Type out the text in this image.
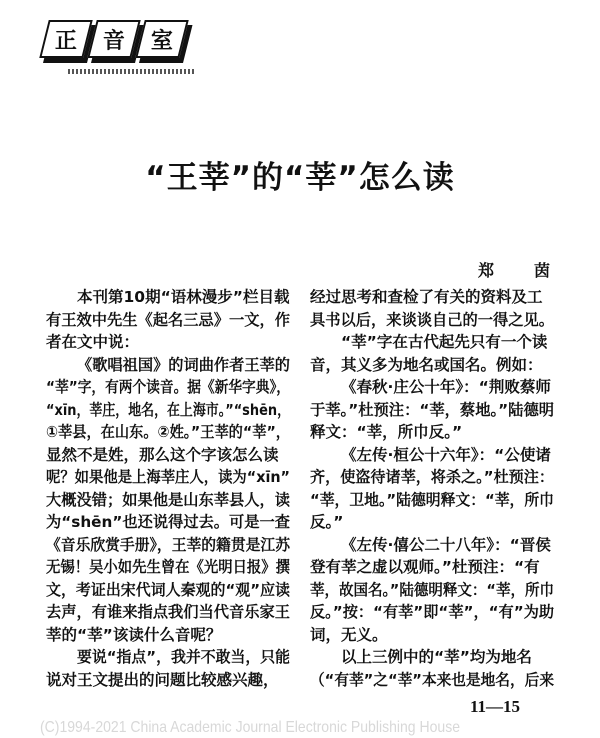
正 音 室
“王莘”的“莘”怎么读
郑　茵
本刊第10期“语林漫步”栏目载
有王效中先生《起名三忌》一文，作
者在文中说：
《歌唱祖国》的词曲作者王莘的
“莘”字，有两个读音。据《新华字典》，
“xīn，莘庄，地名，在上海市。”“shēn，
①莘县，在山东。②姓。”王莘的“莘”，
显然不是姓，那么这个字该怎么读
呢？如果他是上海莘庄人，读为“xīn”
大概没错；如果他是山东莘县人，读
为“shēn”也还说得过去。可是一查
《音乐欣赏手册》，王莘的籍贯是江苏
无锡！吴小如先生曾在《光明日报》撰
文，考证出宋代词人秦观的“观”应读
去声，有谁来指点我们当代音乐家王
莘的“莘”该读什么音呢？
要说“指点”，我并不敢当，只能
说对王文提出的问题比较感兴趣，
经过思考和查检了有关的资料及工
具书以后，来谈谈自己的一得之见。
“莘”字在古代起先只有一个读
音，其义多为地名或国名。例如：
《春秋·庄公十年》：“荆败蔡师
于莘。”杜预注：“莘，蔡地。”陆德明
释文：“莘，所巾反。”
《左传·桓公十六年》：“公使诸
齐，使盗待诸莘，将杀之。”杜预注：
“莘，卫地。”陆德明释文：“莘，所巾
反。”
《左传·僖公二十八年》：“晋侯
登有莘之虚以观师。”杜预注：“有
莘，故国名。”陆德明释文：“莘，所巾
反。”按：“有莘”即“莘”，“有”为助
词，无义。
以上三例中的“莘”均为地名
（“有莘”之“莘”本来也是地名，后来
11—15
(C)1994-2021 China Academic Journal Electronic Publishing House
